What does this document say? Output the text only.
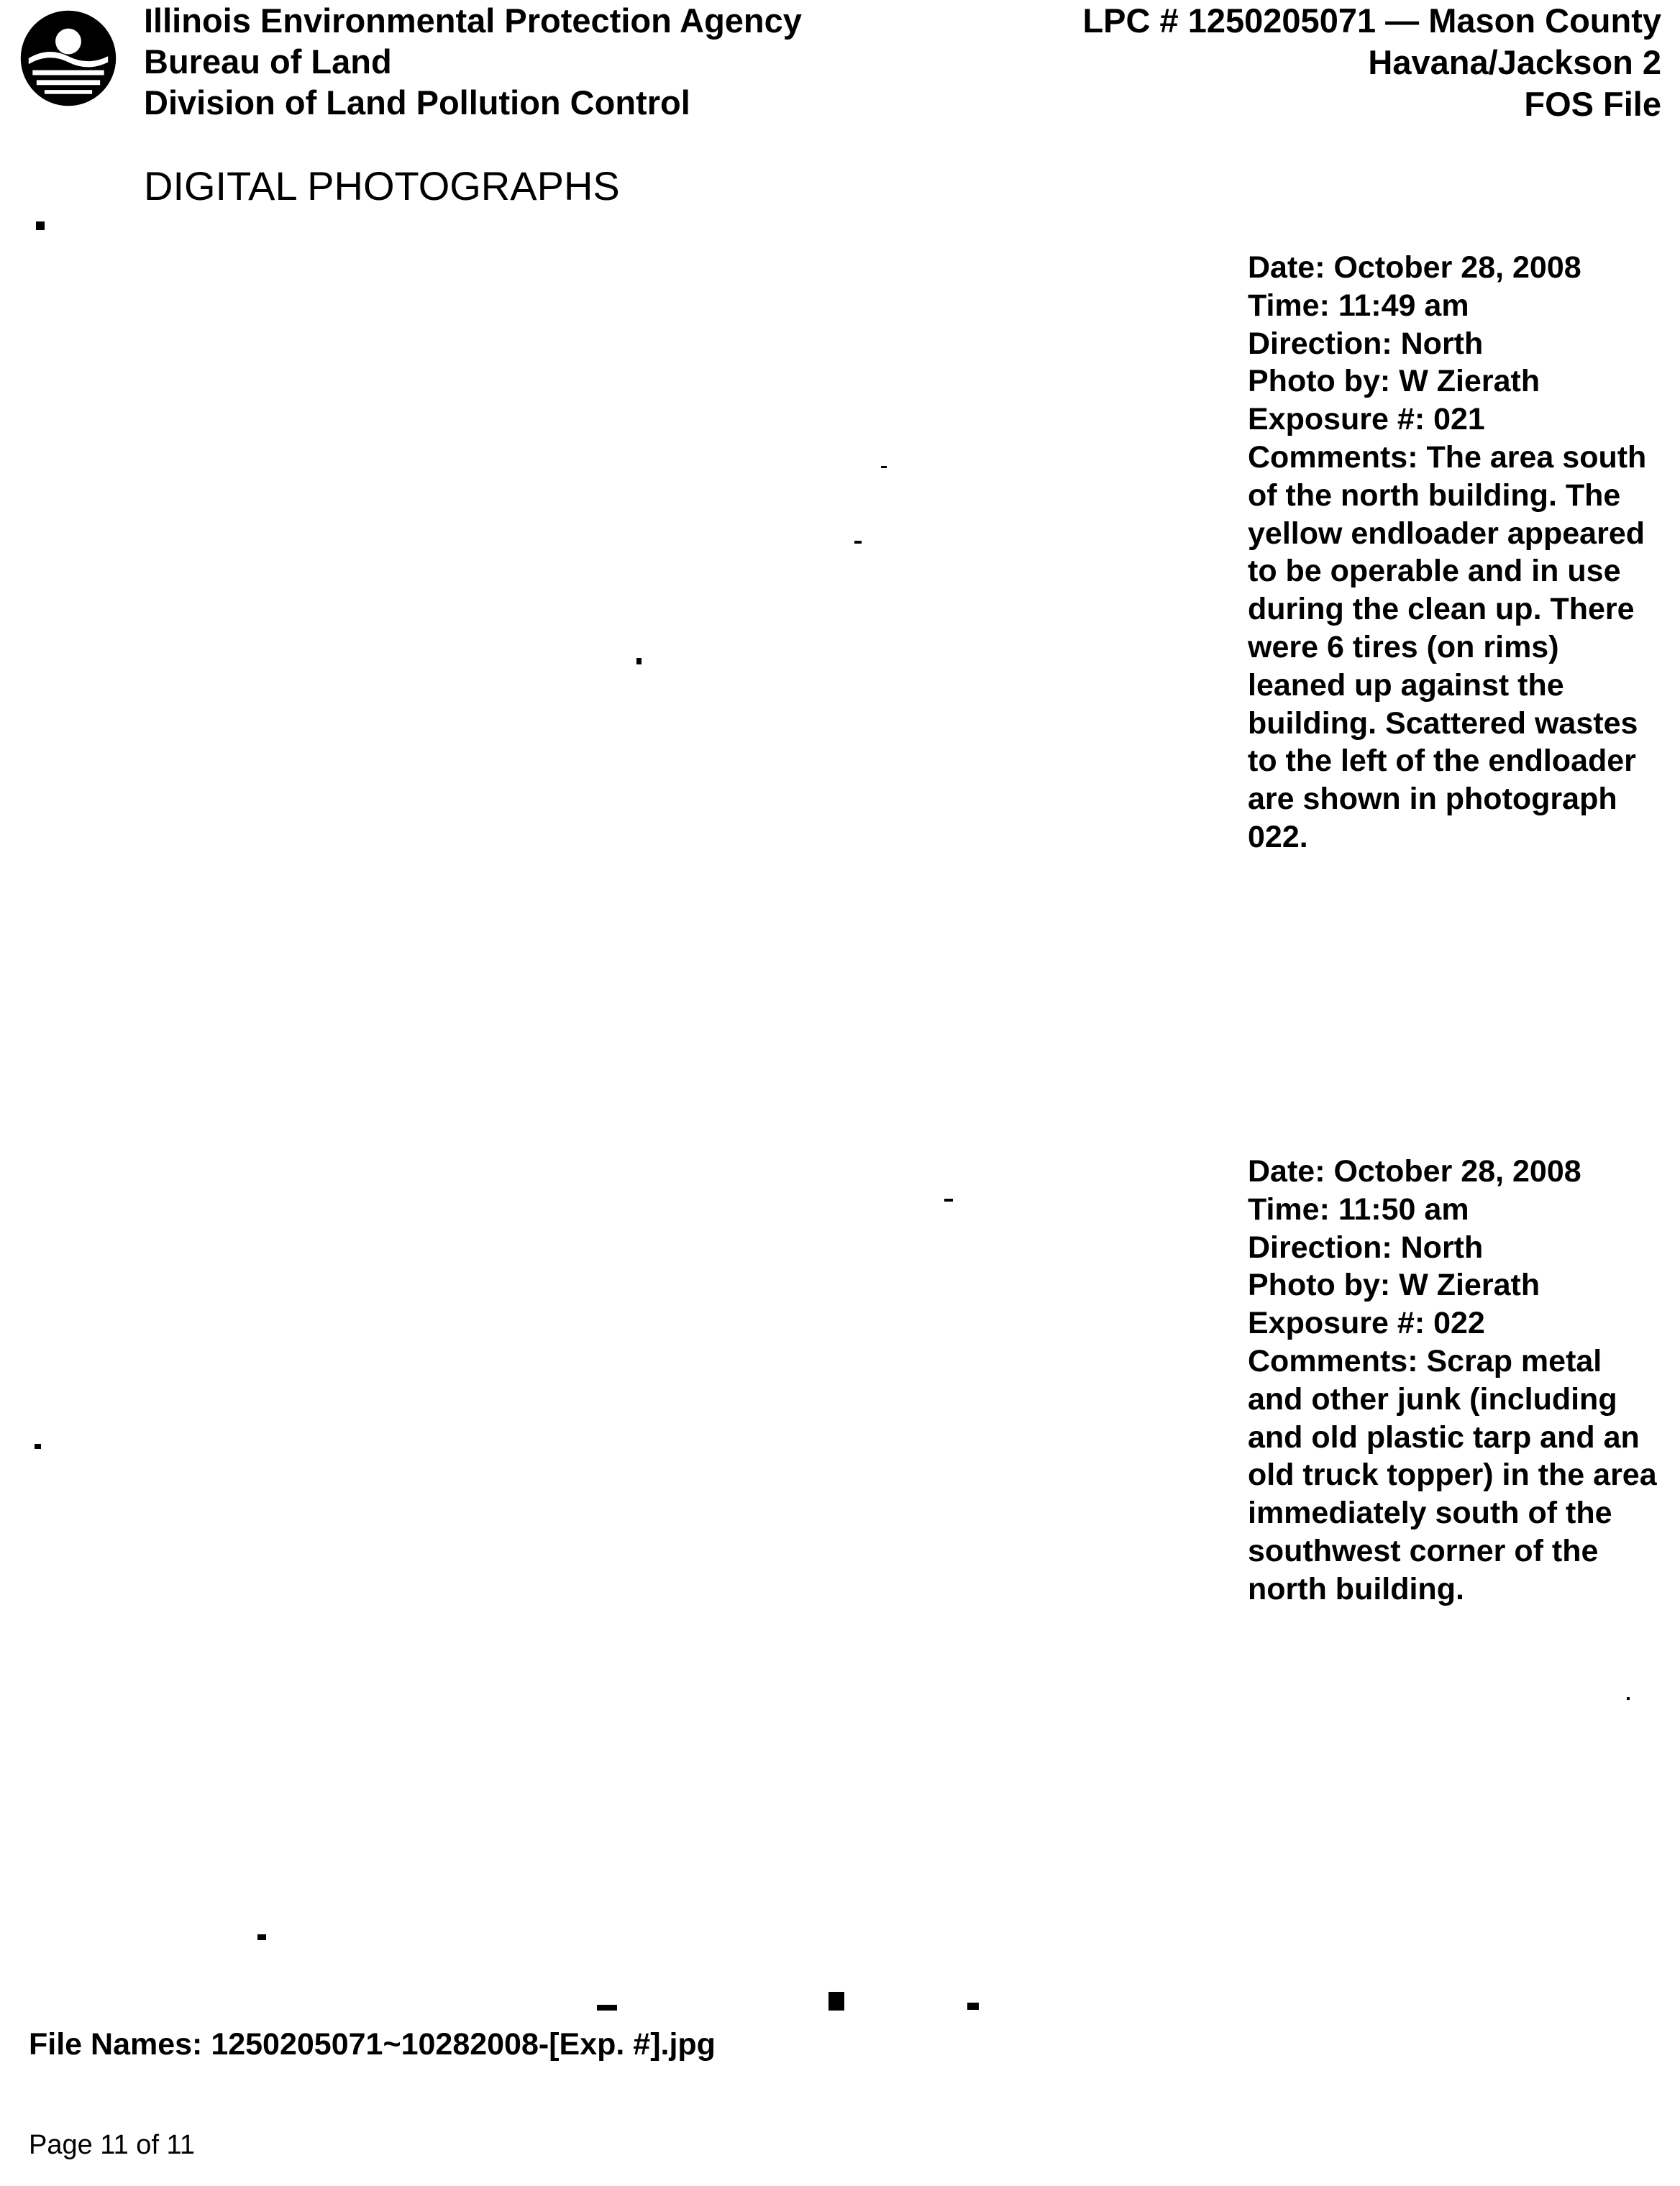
Illinois Environmental Protection Agency
Bureau of Land
Division of Land Pollution Control
LPC # 1250205071 — Mason County
Havana/Jackson 2
FOS File
DIGITAL PHOTOGRAPHS
Date: October 28, 2008
Time: 11:49 am
Direction: North
Photo by: W Zierath
Exposure #: 021
Comments: The area south of the north building. The yellow endloader appeared to be operable and in use during the clean up. There were 6 tires (on rims) leaned up against the building. Scattered wastes to the left of the endloader are shown in photograph 022.
Date: October 28, 2008
Time: 11:50 am
Direction: North
Photo by: W Zierath
Exposure #: 022
Comments: Scrap metal and other junk (including and old plastic tarp and an old truck topper) in the area immediately south of the southwest corner of the north building.
File Names: 1250205071~10282008-[Exp. #].jpg
Page 11 of 11
